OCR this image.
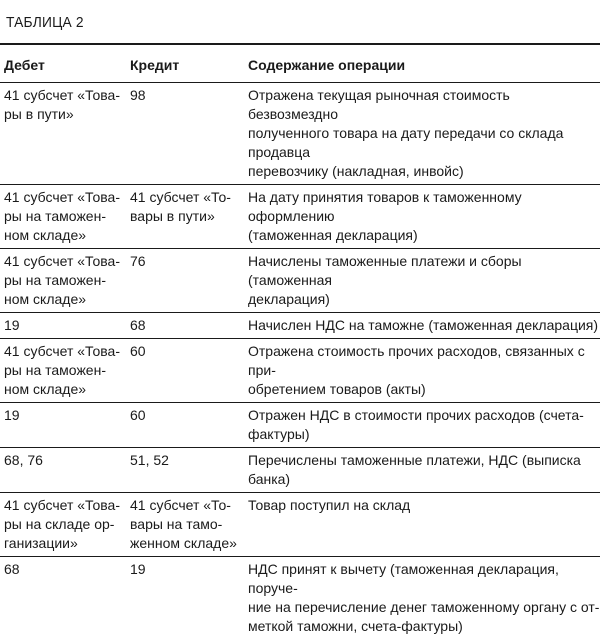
ТАБЛИЦА 2
Дебет	Кредит	Содержание операции

41 субсчет «Това-
ры в пути»	98	Отражена текущая рыночная стоимость безвозмездно
полученного товара на дату передачи со склада продавца
перевозчику (накладная, инвойс)

41 субсчет «Това-
ры на таможен-
ном складе»	41 субсчет «То-
вары в пути»	На дату принятия товаров к таможенному оформлению
(таможенная декларация)

41 субсчет «Това-
ры на таможен-
ном складе»	76	Начислены таможенные платежи и сборы (таможенная
декларация)

19	68	Начислен НДС на таможне (таможенная декларация)

41 субсчет «Това-
ры на таможен-
ном складе»	60	Отражена стоимость прочих расходов, связанных с при-
обретением товаров (акты)

19	60	Отражен НДС в стоимости прочих расходов (счета-
фактуры)

68, 76	51, 52	Перечислены таможенные платежи, НДС (выписка банка)

41 субсчет «Това-
ры на складе ор-
ганизации»	41 субсчет «То-
вары на тамо-
женном складе»	Товар поступил на склад

68	19	НДС принят к вычету (таможенная декларация, поруче-
ние на перечисление денег таможенному органу с от-
меткой таможни, счета-фактуры)
